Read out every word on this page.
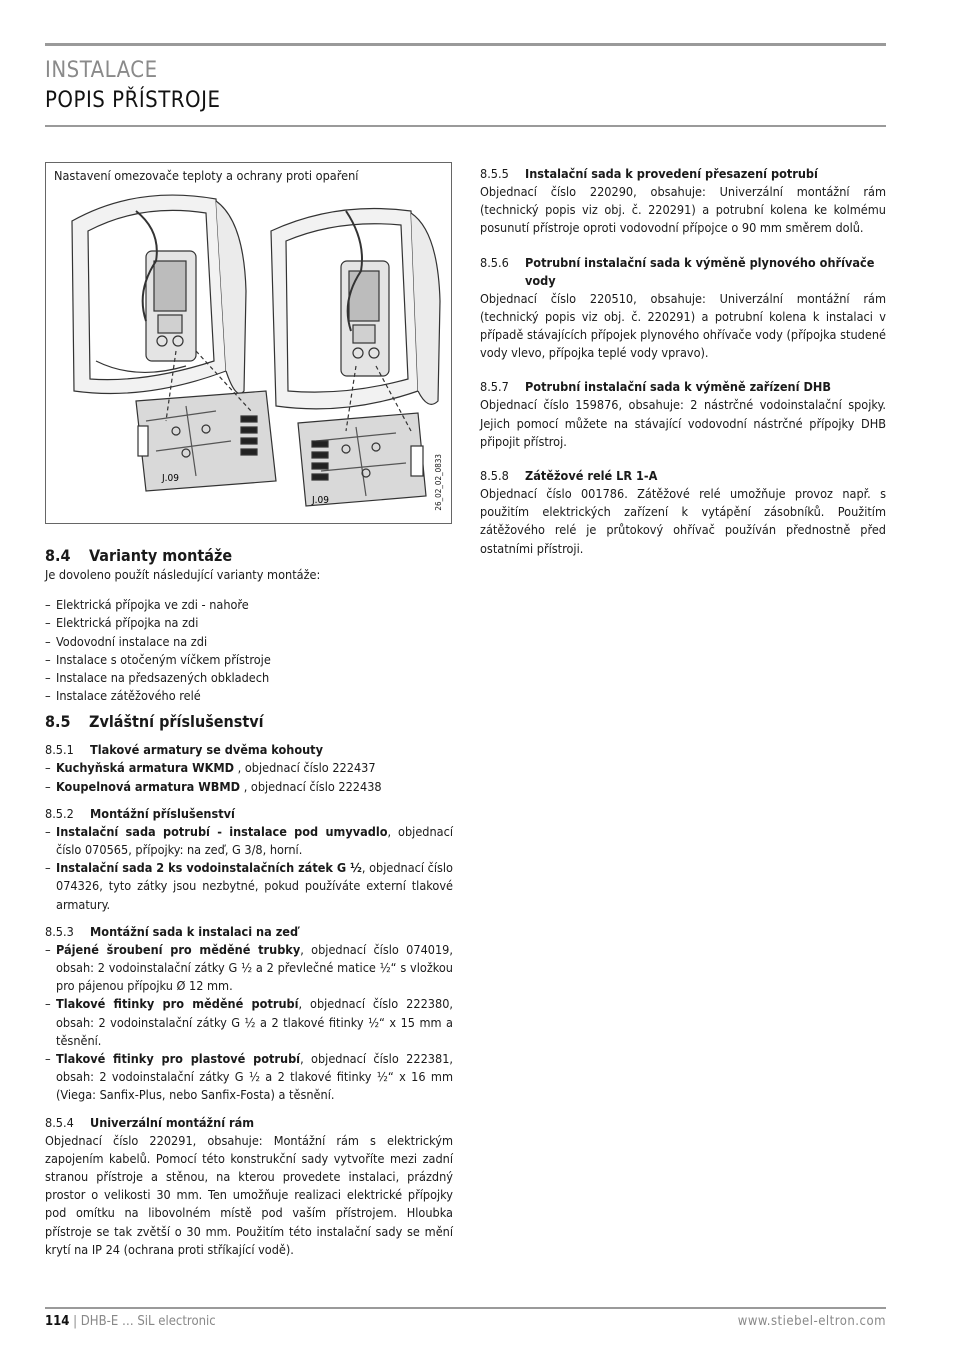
INSTALACE
POPIS PŘÍSTROJE
Nastavení omezovače teploty a ochrany proti opaření
J.09
J.09	26_02_02_0833
8.4 Varianty montáže

Je dovoleno použít následující varianty montáže:

– Elektrická přípojka ve zdi - nahoře
– Elektrická přípojka na zdi
– Vodovodní instalace na zdi
– Instalace s otočeným víčkem přístroje
– Instalace na předsazených obkladech
– Instalace zátěžového relé
8.5 Zvláštní příslušenství
8.5.1 Tlakové armatury se dvěma kohouty
– Kuchyňská armatura WKMD , objednací číslo 222437
– Koupelnová armatura WBMD , objednací číslo 222438
8.5.2 Montážní příslušenství
– Instalační sada potrubí - instalace pod umyvadlo, objednací číslo 070565, přípojky: na zeď, G 3/8, horní.
– Instalační sada 2 ks vodoinstalačních zátek G ½, objednací číslo 074326, tyto zátky jsou nezbytné, pokud používáte externí tlakové armatury.
8.5.3 Montážní sada k instalaci na zeď
– Pájené šroubení pro měděné trubky, objednací číslo 074019, obsah: 2 vodoinstalační zátky G ½ a 2 převlečné matice ½“ s vložkou pro pájenou přípojku Ø 12 mm.
– Tlakové fitinky pro měděné potrubí, objednací číslo 222380, obsah: 2 vodoinstalační zátky G ½ a 2 tlakové fitinky ½“ x 15 mm a těsnění.
– Tlakové fitinky pro plastové potrubí, objednací číslo 222381, obsah: 2 vodoinstalační zátky G ½ a 2 tlakové fitinky ½“ x 16 mm (Viega: Sanfix-Plus, nebo Sanfix-Fosta) a těsnění.
8.5.4 Univerzální montážní rám

Objednací číslo 220291, obsahuje: Montážní rám s elektrickým zapojením kabelů. Pomocí této konstrukční sady vytvoříte mezi zadní stranou přístroje a stěnou, na kterou provedete instalaci, prázdný prostor o velikosti 30 mm. Ten umožňuje realizaci elektrické přípojky pod omítku na libovolném místě pod vaším přístrojem. Hloubka přístroje se tak zvětší o 30 mm. Použitím této instalační sady se mění krytí na IP 24 (ochrana proti stříkající vodě).

8.5.5	Instalační sada k provedení přesazení potrubí

Objednací číslo 220290, obsahuje: Univerzální montážní rám (technický popis viz obj. č. 220291) a potrubní kolena ke kolmému posunutí přístroje oproti vodovodní přípojce o 90 mm směrem dolů.

8.5.6	Potrubní instalační sada k výměně plynového ohřívače vody

Objednací číslo 220510, obsahuje: Univerzální montážní rám (technický popis viz obj. č. 220291) a potrubní kolena k instalaci v případě stávajících přípojek plynového ohřívače vody (přípojka studené vody vlevo, přípojka teplé vody vpravo).

8.5.7	Potrubní instalační sada k výměně zařízení DHB

Objednací číslo 159876, obsahuje: 2 nástrčné vodoinstalační spojky. Jejich pomocí můžete na stávající vodovodní nástrčné přípojky DHB připojit přístroj.

8.5.8	Zátěžové relé LR 1-A

Objednací číslo 001786. Zátěžové relé umožňuje provoz např. s použitím elektrických zařízení k vytápění zásobníků. Použitím zátěžového relé je průtokový ohřívač používán přednostně před ostatními přístroji.

114 | DHB-E … SiL electronic	www.stiebel-eltron.com
